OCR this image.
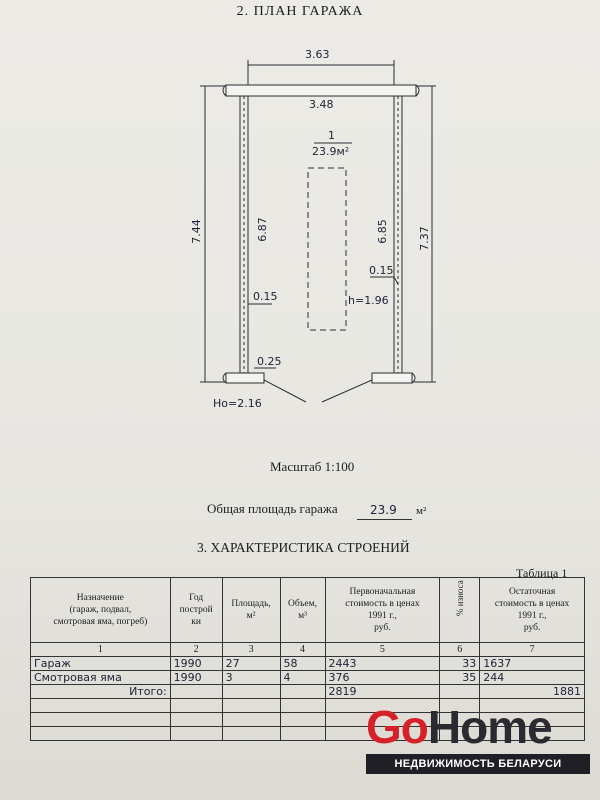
2. ПЛАН ГАРАЖА
3.63
3.48
1
23.9м²
7.44	6.87	6.85	7.37
0.15
0.15
0.25
h=1.96
Ho=2.16
Масштаб 1:100
Общая площадь гаража	23.9 м²
3. ХАРАКТЕРИСТИКА СТРОЕНИЙ
Таблица 1
Назначение
(гараж, подвал,
смотровая яма, погреб)	Год
построй
ки	Площадь,
м²	Объем,
м³	Первоначальная
стоимость в ценах
1991 г.,
руб.	% износа	Остаточная
стоимость в ценах
1991 г.,
руб.
1	2	3	4	5	6	7
Гараж	1990	27	58	2443	33	1637
Смотровая яма	1990	3	4	376	35	244
Итого:				2819		1881

GoHome
НЕДВИЖИМОСТЬ БЕЛАРУСИ
